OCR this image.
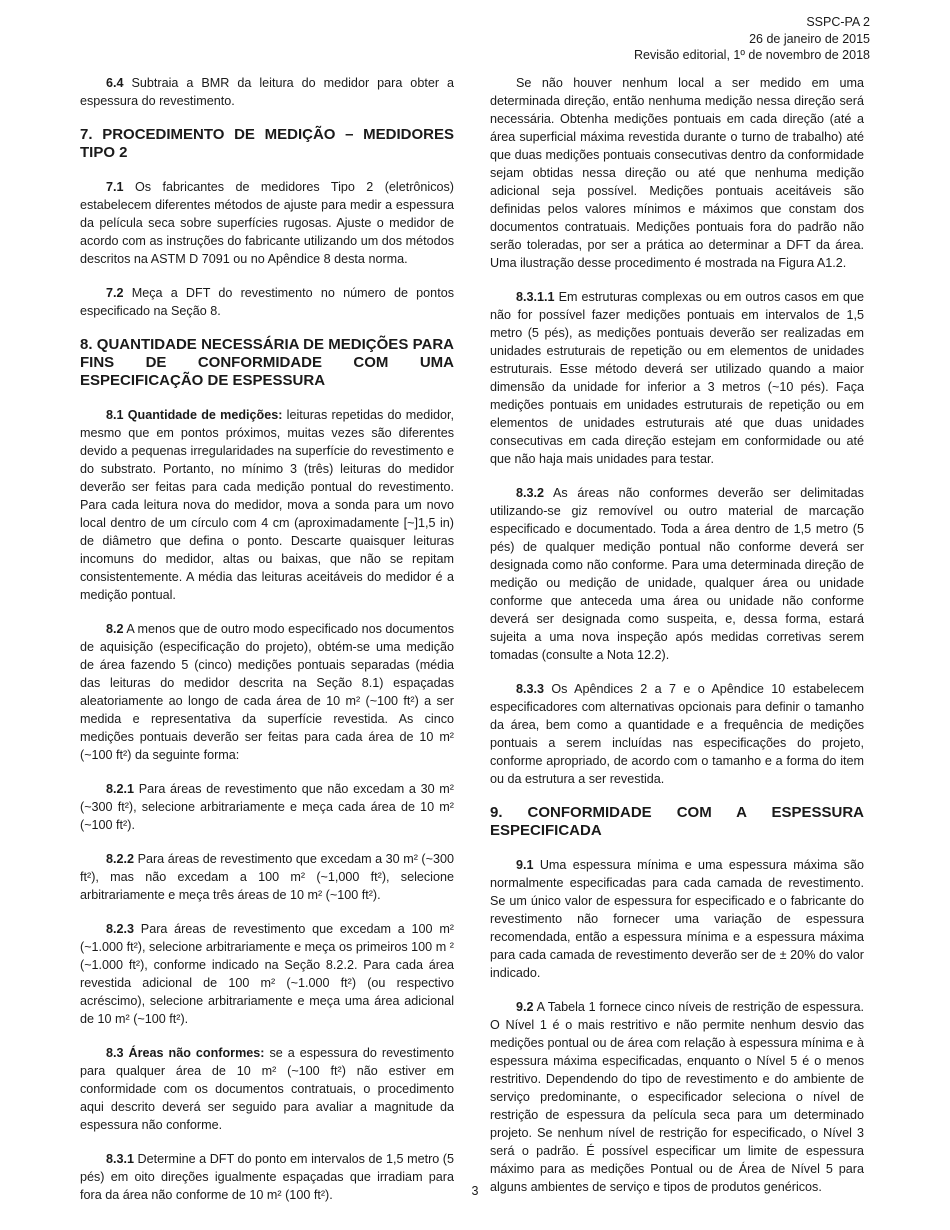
SSPC-PA 2
26 de janeiro de 2015
Revisão editorial, 1º de novembro de 2018

6.4 Subtraia a BMR da leitura do medidor para obter a espessura do revestimento.

7. PROCEDIMENTO DE MEDIÇÃO – MEDIDORES TIPO 2

7.1 Os fabricantes de medidores Tipo 2 (eletrônicos) estabelecem diferentes métodos de ajuste para medir a espessura da película seca sobre superfícies rugosas. Ajuste o medidor de acordo com as instruções do fabricante utilizando um dos métodos descritos na ASTM D 7091 ou no Apêndice 8 desta norma.

7.2 Meça a DFT do revestimento no número de pontos especificado na Seção 8.

8. QUANTIDADE NECESSÁRIA DE MEDIÇÕES PARA FINS DE CONFORMIDADE COM UMA ESPECIFICAÇÃO DE ESPESSURA

8.1 Quantidade de medições: leituras repetidas do medidor, mesmo que em pontos próximos, muitas vezes são diferentes devido a pequenas irregularidades na superfície do revestimento e do substrato. Portanto, no mínimo 3 (três) leituras do medidor deverão ser feitas para cada medição pontual do revestimento. Para cada leitura nova do medidor, mova a sonda para um novo local dentro de um círculo com 4 cm (aproximadamente [~]1,5 in) de diâmetro que defina o ponto. Descarte quaisquer leituras incomuns do medidor, altas ou baixas, que não se repitam consistentemente. A média das leituras aceitáveis do medidor é a medição pontual.

8.2 A menos que de outro modo especificado nos documentos de aquisição (especificação do projeto), obtém-se uma medição de área fazendo 5 (cinco) medições pontuais separadas (média das leituras do medidor descrita na Seção 8.1) espaçadas aleatoriamente ao longo de cada área de 10 m² (~100 ft²) a ser medida e representativa da superfície revestida. As cinco medições pontuais deverão ser feitas para cada área de 10 m² (~100 ft²) da seguinte forma:

8.2.1 Para áreas de revestimento que não excedam a 30 m² (~300 ft²), selecione arbitrariamente e meça cada área de 10 m² (~100 ft²).

8.2.2 Para áreas de revestimento que excedam a 30 m² (~300 ft²), mas não excedam a 100 m² (~1,000 ft²), selecione arbitrariamente e meça três áreas de 10 m² (~100 ft²).

8.2.3 Para áreas de revestimento que excedam a 100 m² (~1.000 ft²), selecione arbitrariamente e meça os primeiros 100 m ² (~1.000 ft²), conforme indicado na Seção 8.2.2. Para cada área revestida adicional de 100 m² (~1.000 ft²) (ou respectivo acréscimo), selecione arbitrariamente e meça uma área adicional de 10 m² (~100 ft²).

8.3 Áreas não conformes: se a espessura do revestimento para qualquer área de 10 m² (~100 ft²) não estiver em conformidade com os documentos contratuais, o procedimento aqui descrito deverá ser seguido para avaliar a magnitude da espessura não conforme.

8.3.1 Determine a DFT do ponto em intervalos de 1,5 metro (5 pés) em oito direções igualmente espaçadas que irradiam para fora da área não conforme de 10 m² (100 ft²).

Se não houver nenhum local a ser medido em uma determinada direção, então nenhuma medição nessa direção será necessária. Obtenha medições pontuais em cada direção (até a área superficial máxima revestida durante o turno de trabalho) até que duas medições pontuais consecutivas dentro da conformidade sejam obtidas nessa direção ou até que nenhuma medição adicional seja possível. Medições pontuais aceitáveis são definidas pelos valores mínimos e máximos que constam dos documentos contratuais. Medições pontuais fora do padrão não serão toleradas, por ser a prática ao determinar a DFT da área. Uma ilustração desse procedimento é mostrada na Figura A1.2.

8.3.1.1 Em estruturas complexas ou em outros casos em que não for possível fazer medições pontuais em intervalos de 1,5 metro (5 pés), as medições pontuais deverão ser realizadas em unidades estruturais de repetição ou em elementos de unidades estruturais. Esse método deverá ser utilizado quando a maior dimensão da unidade for inferior a 3 metros (~10 pés). Faça medições pontuais em unidades estruturais de repetição ou em elementos de unidades estruturais até que duas unidades consecutivas em cada direção estejam em conformidade ou até que não haja mais unidades para testar.

8.3.2 As áreas não conformes deverão ser delimitadas utilizando-se giz removível ou outro material de marcação especificado e documentado. Toda a área dentro de 1,5 metro (5 pés) de qualquer medição pontual não conforme deverá ser designada como não conforme. Para uma determinada direção de medição ou medição de unidade, qualquer área ou unidade conforme que anteceda uma área ou unidade não conforme deverá ser designada como suspeita, e, dessa forma, estará sujeita a uma nova inspeção após medidas corretivas serem tomadas (consulte a Nota 12.2).

8.3.3 Os Apêndices 2 a 7 e o Apêndice 10 estabelecem especificadores com alternativas opcionais para definir o tamanho da área, bem como a quantidade e a frequência de medições pontuais a serem incluídas nas especificações do projeto, conforme apropriado, de acordo com o tamanho e a forma do item ou da estrutura a ser revestida.

9. CONFORMIDADE COM A ESPESSURA ESPECIFICADA

9.1 Uma espessura mínima e uma espessura máxima são normalmente especificadas para cada camada de revestimento. Se um único valor de espessura for especificado e o fabricante do revestimento não fornecer uma variação de espessura recomendada, então a espessura mínima e a espessura máxima para cada camada de revestimento deverão ser de ± 20% do valor indicado.

9.2 A Tabela 1 fornece cinco níveis de restrição de espessura. O Nível 1 é o mais restritivo e não permite nenhum desvio das medições pontual ou de área com relação à espessura mínima e à espessura máxima especificadas, enquanto o Nível 5 é o menos restritivo. Dependendo do tipo de revestimento e do ambiente de serviço predominante, o especificador seleciona o nível de restrição de espessura da película seca para um determinado projeto. Se nenhum nível de restrição for especificado, o Nível 3 será o padrão. É possível especificar um limite de espessura máximo para as medições Pontual ou de Área de Nível 5 para alguns ambientes de serviço e tipos de produtos genéricos.

3
